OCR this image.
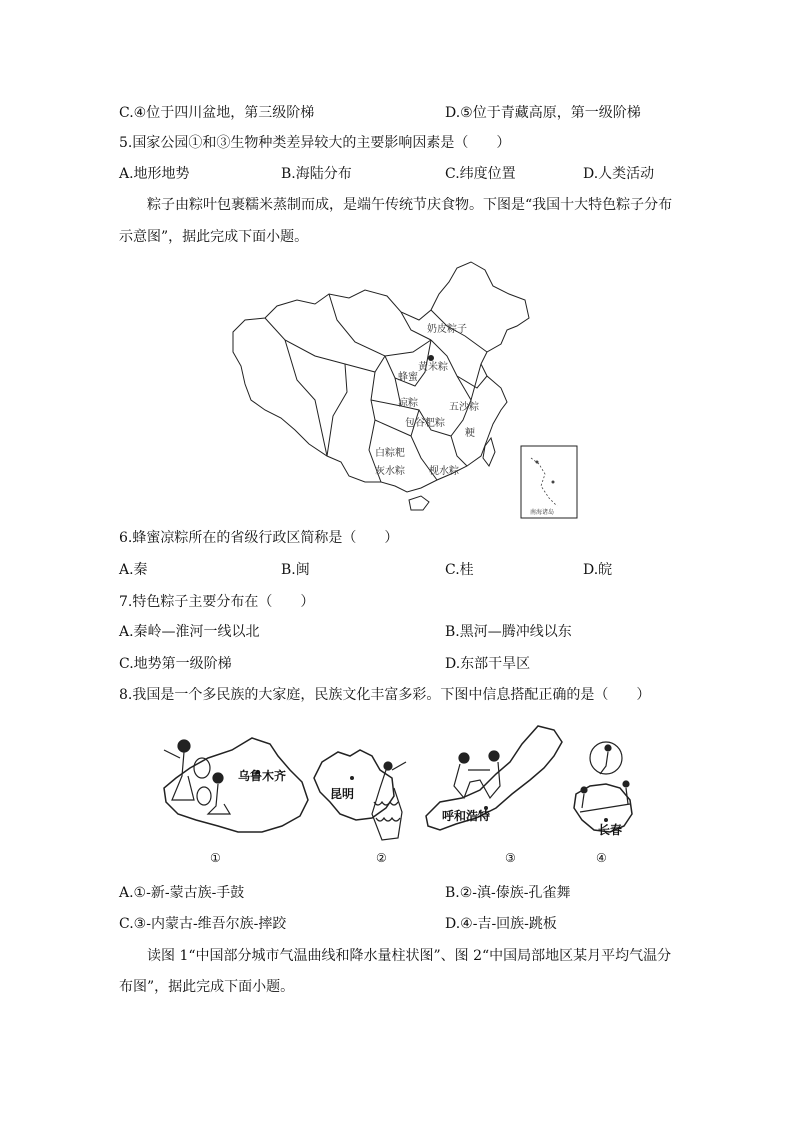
C.④位于四川盆地，第三级阶梯	D.⑤位于青藏高原，第一级阶梯
5.国家公园①和③生物种类差异较大的主要影响因素是（　　）
A.地形地势	B.海陆分布	C.纬度位置	D.人类活动
粽子由粽叶包裹糯米蒸制而成，是端午传统节庆食物。下图是“我国十大特色粽子分布
示意图”，据此完成下面小题。
奶皮粽子
黄米粽
蜂蜜
凉粽
包谷粑粽
五沙粽
粳
白粽粑
灰水粽 枧水粽
南海诸岛
6.蜂蜜凉粽所在的省级行政区简称是（　　）
A.秦	B.闽	C.桂	D.皖
7.特色粽子主要分布在（　　）
A.秦岭—淮河一线以北	B.黑河—腾冲线以东
C.地势第一级阶梯	D.东部干旱区
8.我国是一个多民族的大家庭，民族文化丰富多彩。下图中信息搭配正确的是（　　）
乌鲁木齐
①
昆明
②
呼和浩特
③
长春
④
A.①-新-蒙古族-手鼓	B.②-滇-傣族-孔雀舞
C.③-内蒙古-维吾尔族-摔跤	D.④-吉-回族-跳板
读图 1“中国部分城市气温曲线和降水量柱状图”、图 2“中国局部地区某月平均气温分
布图”，据此完成下面小题。
